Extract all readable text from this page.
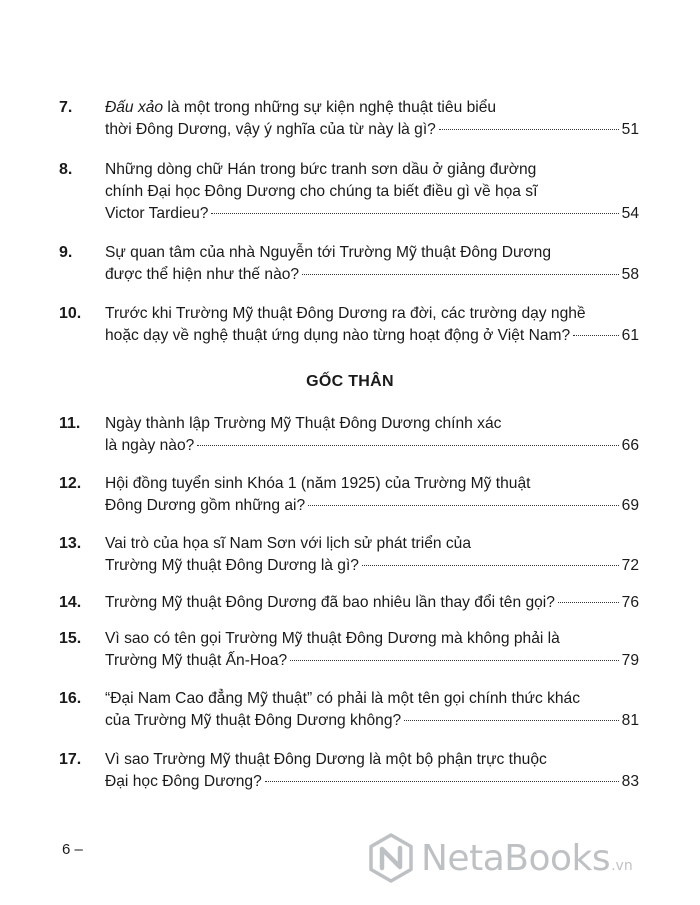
7. Đấu xảo là một trong những sự kiện nghệ thuật tiêu biểu
thời Đông Dương, vậy ý nghĩa của từ này là gì?	51
8. Những dòng chữ Hán trong bức tranh sơn dầu ở giảng đường
chính Đại học Đông Dương cho chúng ta biết điều gì về họa sĩ
Victor Tardieu?	54
9. Sự quan tâm của nhà Nguyễn tới Trường Mỹ thuật Đông Dương
được thể hiện như thế nào?	58
10. Trước khi Trường Mỹ thuật Đông Dương ra đời, các trường dạy nghề
hoặc dạy về nghệ thuật ứng dụng nào từng hoạt động ở Việt Nam?	61
GỐC THÂN
11. Ngày thành lập Trường Mỹ Thuật Đông Dương chính xác
là ngày nào?	66
12. Hội đồng tuyển sinh Khóa 1 (năm 1925) của Trường Mỹ thuật
Đông Dương gồm những ai?	69
13. Vai trò của họa sĩ Nam Sơn với lịch sử phát triển của
Trường Mỹ thuật Đông Dương là gì?	72
14. Trường Mỹ thuật Đông Dương đã bao nhiêu lần thay đổi tên gọi?	76
15. Vì sao có tên gọi Trường Mỹ thuật Đông Dương mà không phải là
Trường Mỹ thuật Ấn-Hoa?	79
16. “Đại Nam Cao đẳng Mỹ thuật” có phải là một tên gọi chính thức khác
của Trường Mỹ thuật Đông Dương không?	81
17. Vì sao Trường Mỹ thuật Đông Dương là một bộ phận trực thuộc
Đại học Đông Dương?	83
6 –	NetaBooks .vn
